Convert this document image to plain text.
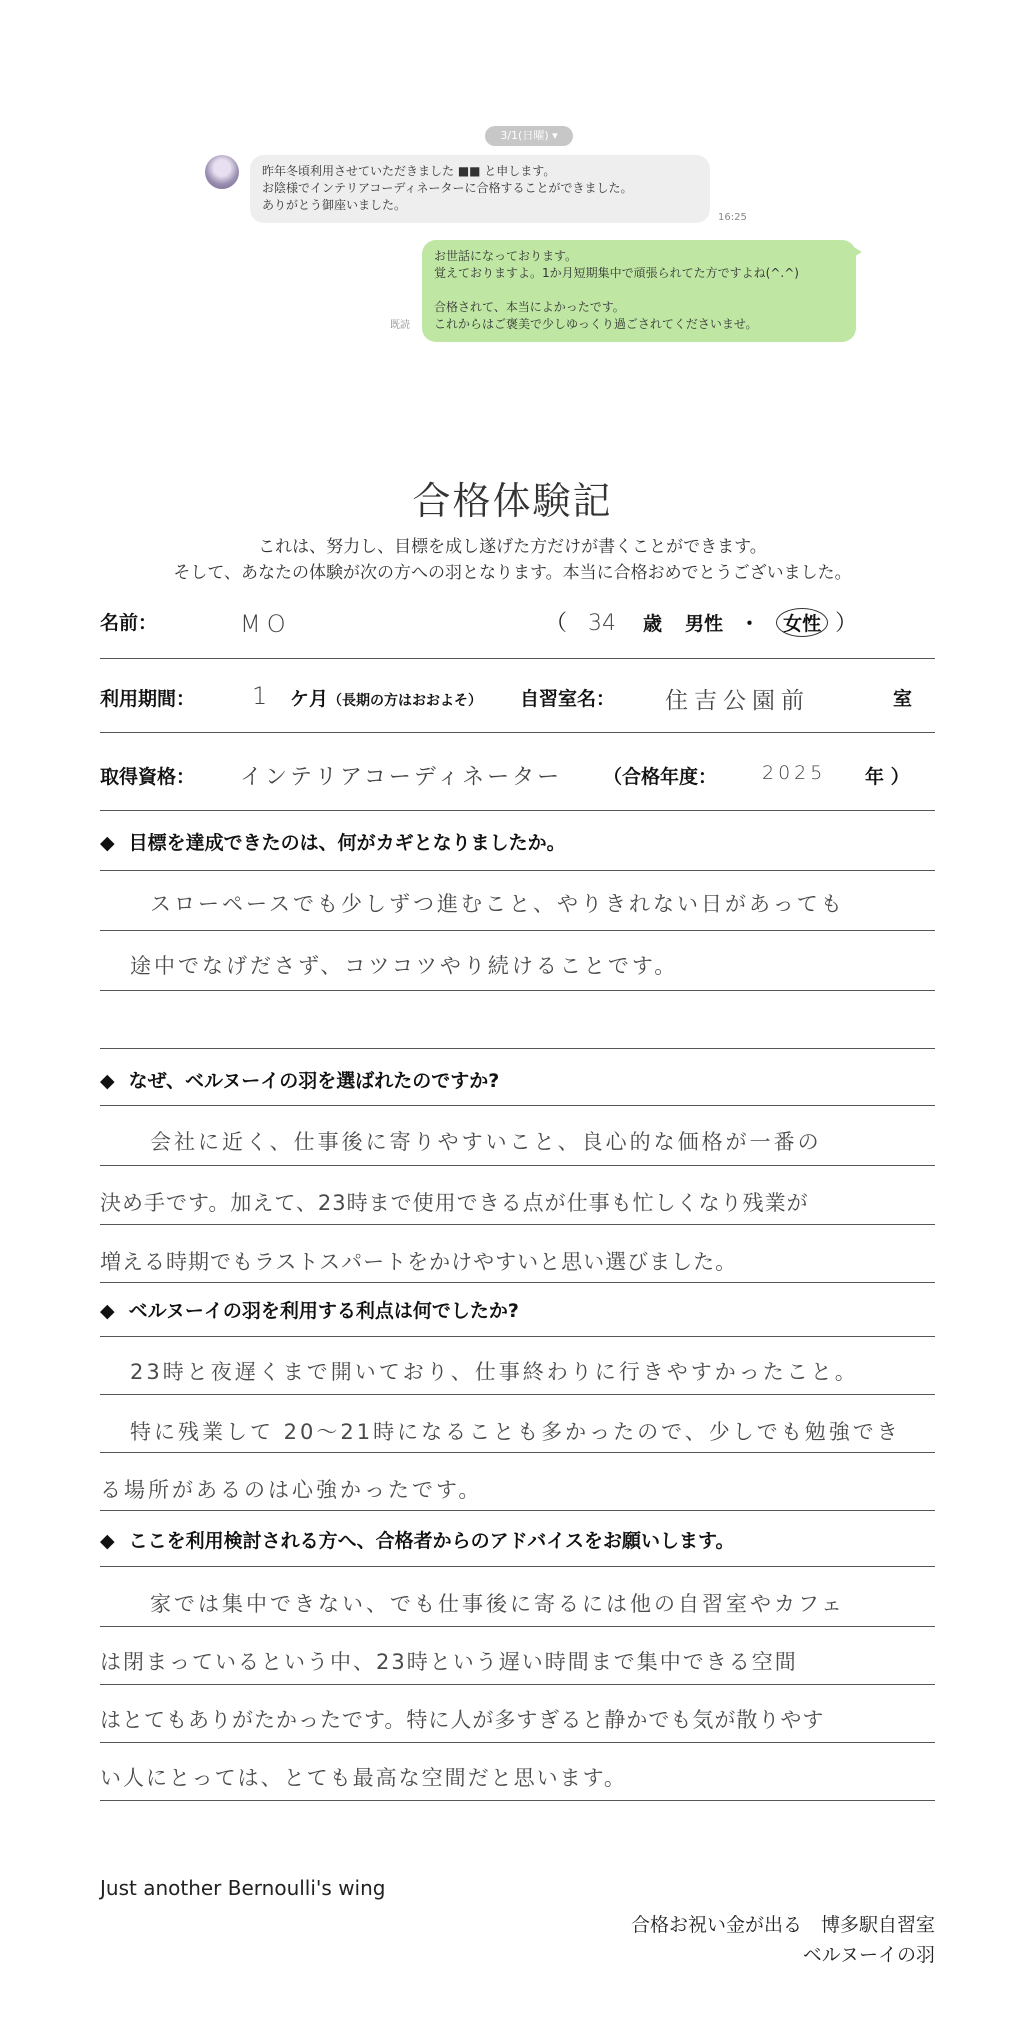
3/1(日曜) ▾
昨年冬頃利用させていただきました ■■ と申します。
お陰様でインテリアコーディネーターに合格することができました。
ありがとう御座いました。
16:25
既読
お世話になっております。
覚えておりますよ。1か月短期集中で頑張られてた方ですよね(^.^)
合格されて、本当によかったです。
これからはご褒美で少しゆっくり過ごされてくださいませ。
合格体験記
これは、努力し、目標を成し遂げた方だけが書くことができます。
そして、あなたの体験が次の方への羽となります。本当に合格おめでとうございました。
名前：	MO	（ 34 歳 男性 ・ 女性 ）
利用期間： 1 ケ月（長期の方はおおよそ） 自習室名： 住吉公園前	室
取得資格： インテリアコーディネーター （合格年度： 2025 年 ）
◆ 目標を達成できたのは、何がカギとなりましたか。
スローペースでも少しずつ進むこと、やりきれない日があっても
途中でなげださず、コツコツやり続けることです。
◆ なぜ、ベルヌーイの羽を選ばれたのですか?
会社に近く、仕事後に寄りやすいこと、良心的な価格が一番の
決め手です。加えて、23時まで使用できる点が仕事も忙しくなり残業が
増える時期でもラストスパートをかけやすいと思い選びました。
◆ ベルヌーイの羽を利用する利点は何でしたか?
23時と夜遅くまで開いており、仕事終わりに行きやすかったこと。
特に残業して 20～21時になることも多かったので、少しでも勉強でき
る場所があるのは心強かったです。
◆ ここを利用検討される方へ、合格者からのアドバイスをお願いします。
家では集中できない、でも仕事後に寄るには他の自習室やカフェ
は閉まっているという中、23時という遅い時間まで集中できる空間
はとてもありがたかったです。特に人が多すぎると静かでも気が散りやす
い人にとっては、とても最高な空間だと思います。
Just another Bernoulli's wing
合格お祝い金が出る　博多駅自習室
ベルヌーイの羽
